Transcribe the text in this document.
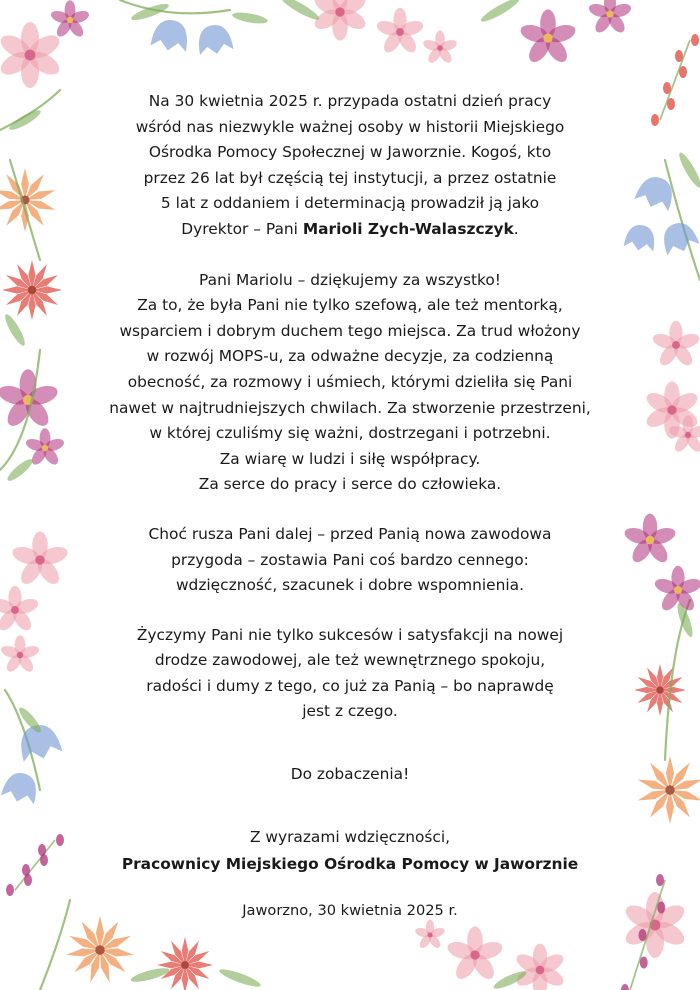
Na 30 kwietnia 2025 r. przypada ostatni dzień pracy
wśród nas niezwykle ważnej osoby w historii Miejskiego
Ośrodka Pomocy Społecznej w Jaworznie. Kogoś, kto
przez 26 lat był częścią tej instytucji, a przez ostatnie
5 lat z oddaniem i determinacją prowadził ją jako
Dyrektor – Pani Marioli Zych-Walaszczyk.

Pani Mariolu – dziękujemy za wszystko!
Za to, że była Pani nie tylko szefową, ale też mentorką,
wsparciem i dobrym duchem tego miejsca. Za trud włożony
w rozwój MOPS-u, za odważne decyzje, za codzienną
obecność, za rozmowy i uśmiech, którymi dzieliła się Pani
nawet w najtrudniejszych chwilach. Za stworzenie przestrzeni,
w której czuliśmy się ważni, dostrzegani i potrzebni.
Za wiarę w ludzi i siłę współpracy.
Za serce do pracy i serce do człowieka.

Choć rusza Pani dalej – przed Panią nowa zawodowa
przygoda – zostawia Pani coś bardzo cennego:
wdzięczność, szacunek i dobre wspomnienia.

Życzymy Pani nie tylko sukcesów i satysfakcji na nowej
drodze zawodowej, ale też wewnętrznego spokoju,
radości i dumy z tego, co już za Panią – bo naprawdę
jest z czego.

Do zobaczenia!

Z wyrazami wdzięczności,

Pracownicy Miejskiego Ośrodka Pomocy w Jaworznie

Jaworzno, 30 kwietnia 2025 r.
